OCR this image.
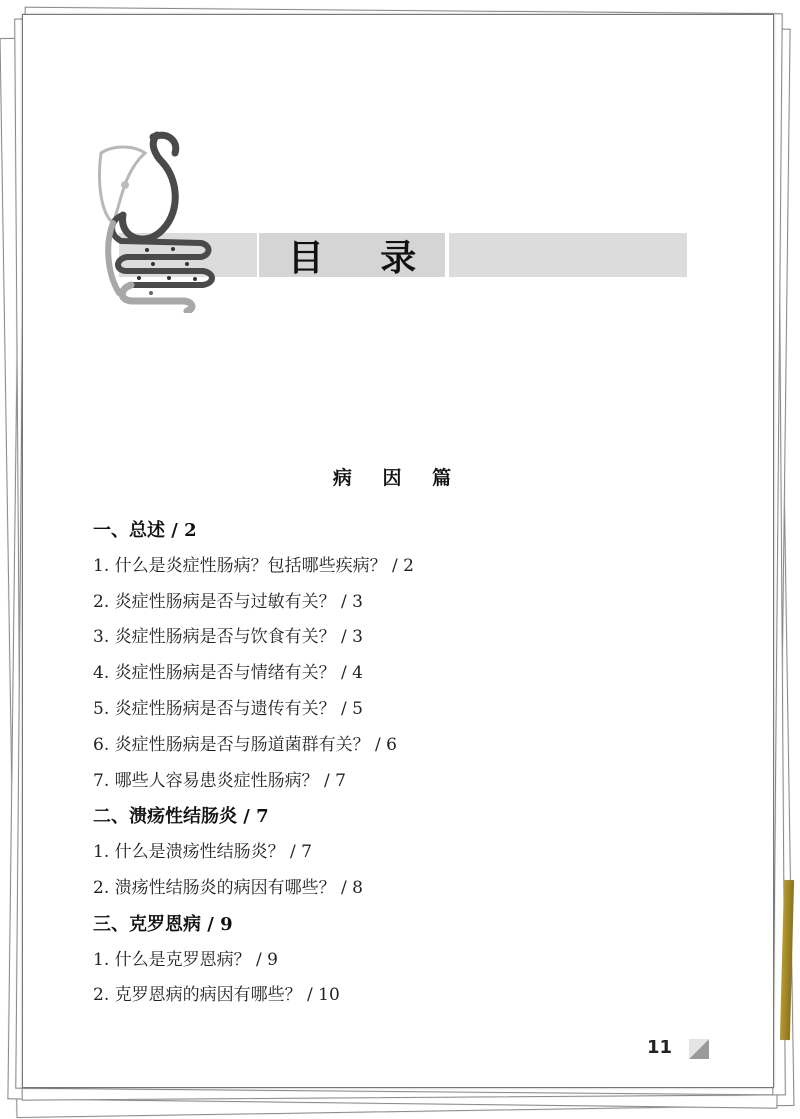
目 录
病 因 篇
一、总述 / 2
1. 什么是炎症性肠病？包括哪些疾病？ / 2
2. 炎症性肠病是否与过敏有关？ / 3
3. 炎症性肠病是否与饮食有关？ / 3
4. 炎症性肠病是否与情绪有关？ / 4
5. 炎症性肠病是否与遗传有关？ / 5
6. 炎症性肠病是否与肠道菌群有关？ / 6
7. 哪些人容易患炎症性肠病？ / 7
二、溃疡性结肠炎 / 7
1. 什么是溃疡性结肠炎？ / 7
2. 溃疡性结肠炎的病因有哪些？ / 8
三、克罗恩病 / 9
1. 什么是克罗恩病？ / 9
2. 克罗恩病的病因有哪些？ / 10
11
